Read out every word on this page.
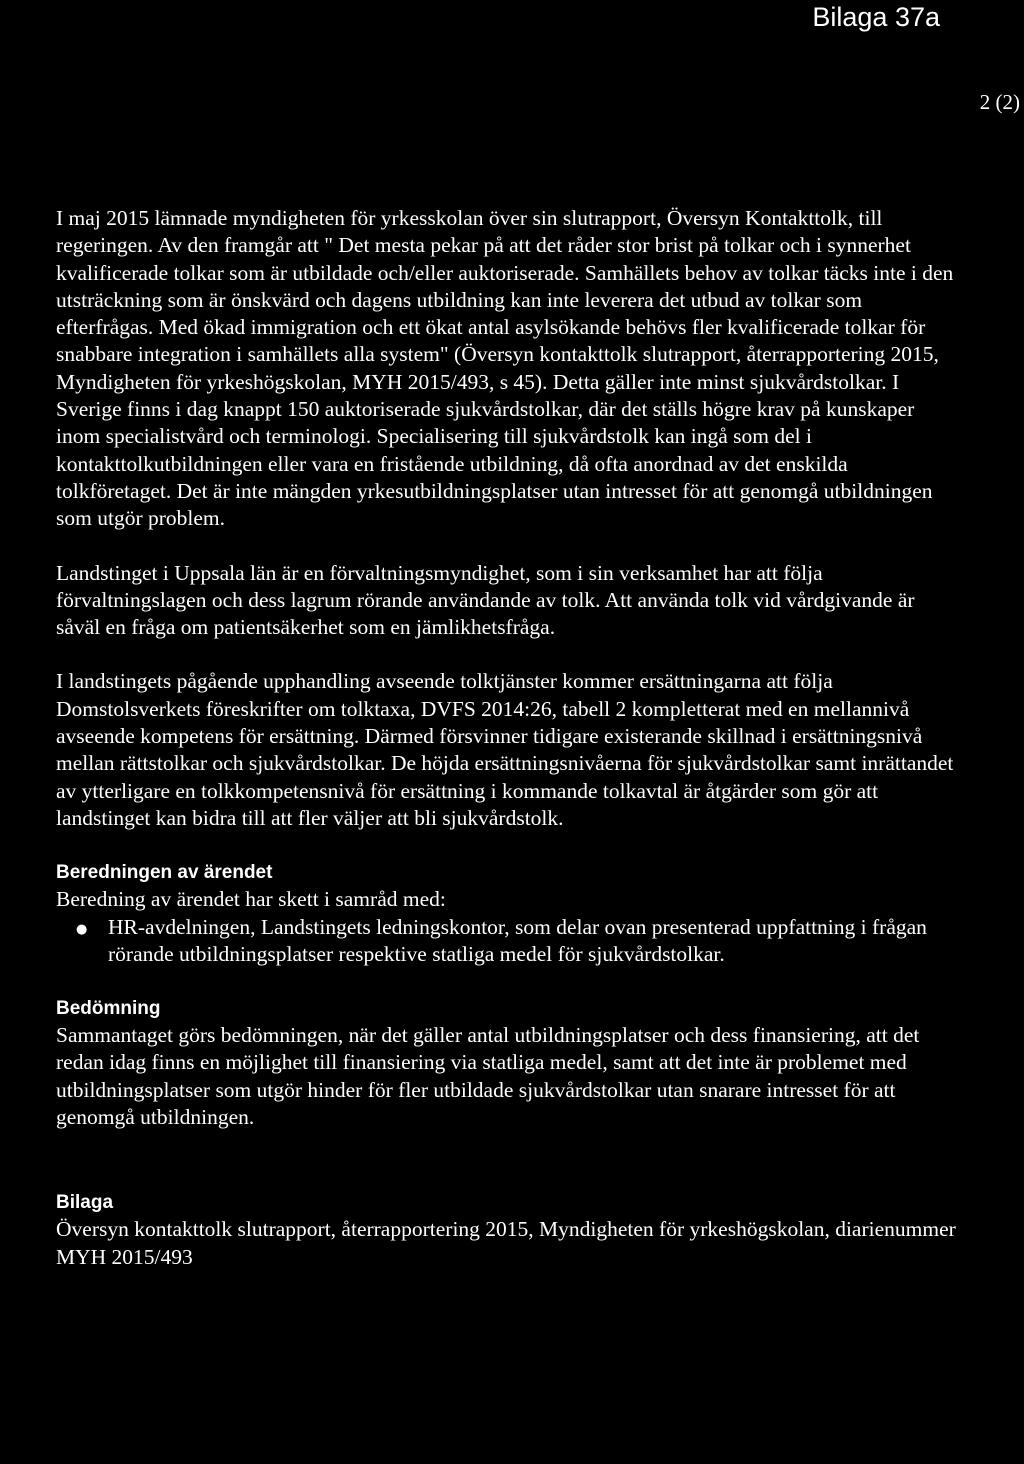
Bilaga 37a
2 (2)

I maj 2015 lämnade myndigheten för yrkesskolan över sin slutrapport, Översyn Kontakttolk, till regeringen. Av den framgår att " Det mesta pekar på att det råder stor brist på tolkar och i synnerhet kvalificerade tolkar som är utbildade och/eller auktoriserade. Samhällets behov av tolkar täcks inte i den utsträckning som är önskvärd och dagens utbildning kan inte leverera det utbud av tolkar som efterfrågas. Med ökad immigration och ett ökat antal asylsökande behövs fler kvalificerade tolkar för snabbare integration i samhällets alla system" (Översyn kontakttolk slutrapport, återrapportering 2015, Myndigheten för yrkeshögskolan, MYH 2015/493, s 45). Detta gäller inte minst sjukvårdstolkar. I Sverige finns i dag knappt 150 auktoriserade sjukvårdstolkar, där det ställs högre krav på kunskaper inom specialistvård och terminologi. Specialisering till sjukvårdstolk kan ingå som del i kontakttolkutbildningen eller vara en fristående utbildning, då ofta anordnad av det enskilda tolkföretaget. Det är inte mängden yrkesutbildningsplatser utan intresset för att genomgå utbildningen som utgör problem.

Landstinget i Uppsala län är en förvaltningsmyndighet, som i sin verksamhet har att följa förvaltningslagen och dess lagrum rörande användande av tolk. Att använda tolk vid vårdgivande är såväl en fråga om patientsäkerhet som en jämlikhetsfråga.

I landstingets pågående upphandling avseende tolktjänster kommer ersättningarna att följa Domstolsverkets föreskrifter om tolktaxa, DVFS 2014:26, tabell 2 kompletterat med en mellannivå avseende kompetens för ersättning. Därmed försvinner tidigare existerande skillnad i ersättningsnivå mellan rättstolkar och sjukvårdstolkar. De höjda ersättningsnivåerna för sjukvårdstolkar samt inrättandet av ytterligare en tolkkompetensnivå för ersättning i kommande tolkavtal är åtgärder som gör att landstinget kan bidra till att fler väljer att bli sjukvårdstolk.

Beredningen av ärendet

Beredning av ärendet har skett i samråd med:

● HR-avdelningen, Landstingets ledningskontor, som delar ovan presenterad uppfattning i frågan rörande utbildningsplatser respektive statliga medel för sjukvårdstolkar.
Bedömning

Sammantaget görs bedömningen, när det gäller antal utbildningsplatser och dess finansiering, att det redan idag finns en möjlighet till finansiering via statliga medel, samt att det inte är problemet med utbildningsplatser som utgör hinder för fler utbildade sjukvårdstolkar utan snarare intresset för att genomgå utbildningen.

Bilaga

Översyn kontakttolk slutrapport, återrapportering 2015, Myndigheten för yrkeshögskolan, diarienummer MYH 2015/493
